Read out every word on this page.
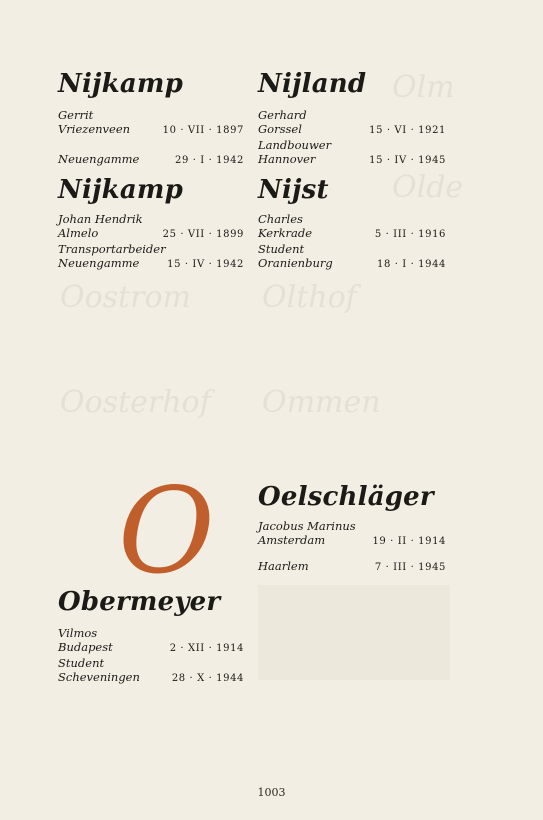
Olm
Olde
Olthof
Oostrom
Ommen
Oosterhof
Nijkamp
Gerrit
Vriezenveen	10 · VII · 1897
Neuengamme	29 · I · 1942
Nijland
Gerhard
Gorssel	15 · VI · 1921
Landbouwer
Hannover	15 · IV · 1945
Nijkamp
Johan Hendrik
Almelo	25 · VII · 1899
Transportarbeider
Neuengamme	15 · IV · 1942
Nijst
Charles
Kerkrade	5 · III · 1916
Student
Oranienburg	18 · I · 1944
Oelschläger
Jacobus Marinus
Amsterdam	19 · II · 1914
Haarlem	7 · III · 1945
O
Obermeyer
Vilmos
Budapest	2 · XII · 1914
Student
Scheveningen	28 · X · 1944
1003
